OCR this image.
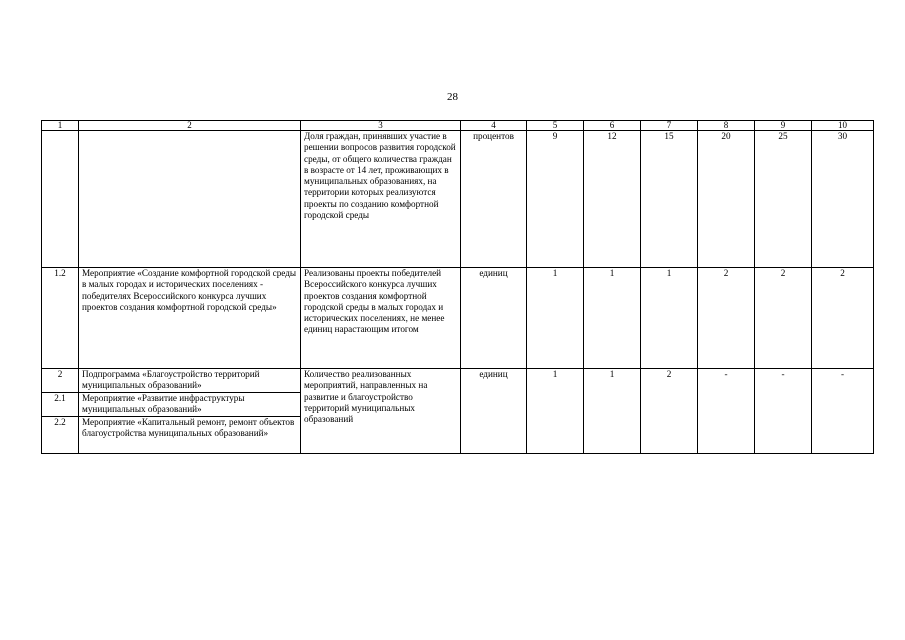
28
1	2	3	4	5	6	7	8	9	10
		Доля граждан, принявших участие в решении вопросов развития городской среды, от общего количества граждан в возрасте от 14 лет, проживающих в муниципальных образованиях, на территории которых реализуются проекты по созданию комфортной городской среды	процентов	9	12	15	20	25	30
1.2	Мероприятие «Создание комфортной городской среды в малых городах и исторических поселениях - победителях Всероссийского конкурса лучших проектов создания комфортной городской среды»	Реализованы проекты победителей Всероссийского конкурса лучших проектов создания комфортной городской среды в малых городах и исторических поселениях, не менее единиц нарастающим итогом	единиц	1	1	1	2	2	2
2	Подпрограмма «Благоустройство территорий муниципальных образований»	Количество реализованных мероприятий, направленных на развитие и благоустройство территорий муниципальных образований	единиц	1	1	2	-	-	-
2.1	Мероприятие «Развитие инфраструктуры муниципальных образований»								
2.2	Мероприятие «Капитальный ремонт, ремонт объектов благоустройства муниципальных образований»								
